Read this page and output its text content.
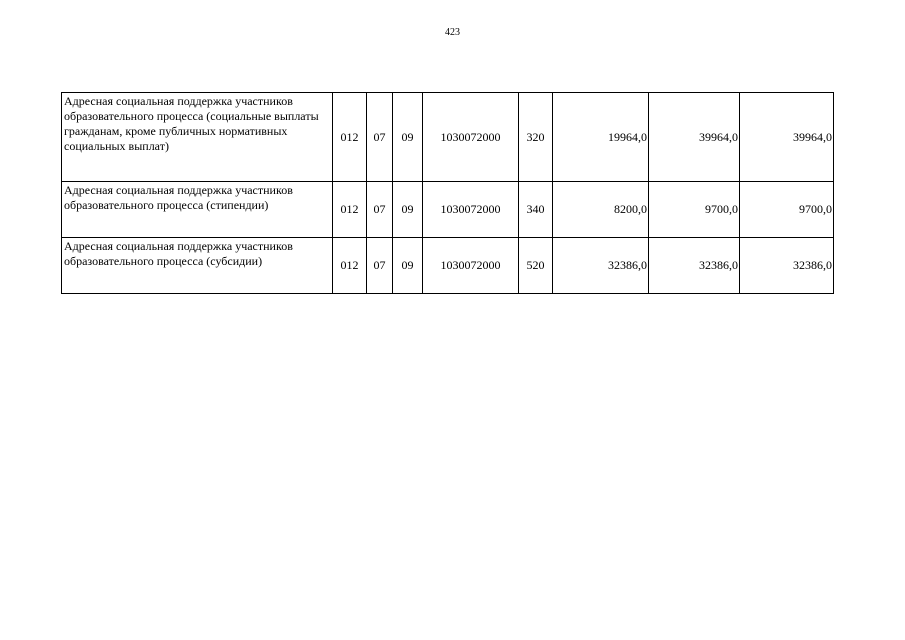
423
Адресная социальная поддержка участников образовательного процесса (социальные выплаты гражданам, кроме публичных нормативных социальных выплат)	012	07	09	1030072000	320	19964,0	39964,0	39964,0
Адресная социальная поддержка участников образовательного процесса (стипендии)	012	07	09	1030072000	340	8200,0	9700,0	9700,0
Адресная социальная поддержка участников образовательного процесса (субсидии)	012	07	09	1030072000	520	32386,0	32386,0	32386,0
